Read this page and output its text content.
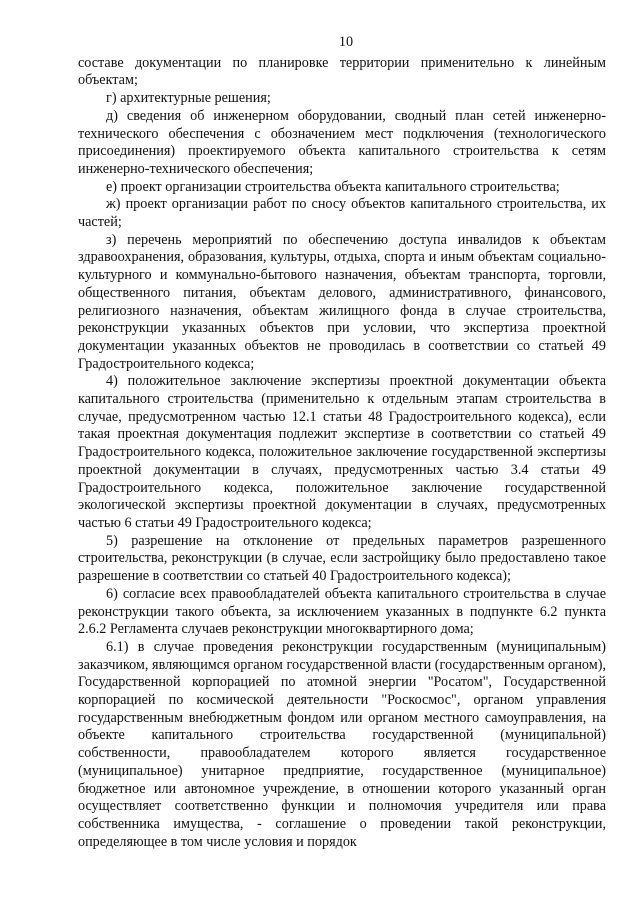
10

составе документации по планировке территории применительно к линейным объектам;

г) архитектурные решения;

д) сведения об инженерном оборудовании, сводный план сетей инженерно-технического обеспечения с обозначением мест подключения (технологического присоединения) проектируемого объекта капитального строительства к сетям инженерно-технического обеспечения;

е) проект организации строительства объекта капитального строительства;

ж) проект организации работ по сносу объектов капитального строительства, их частей;

з) перечень мероприятий по обеспечению доступа инвалидов к объектам здравоохранения, образования, культуры, отдыха, спорта и иным объектам социально-культурного и коммунально-бытового назначения, объектам транспорта, торговли, общественного питания, объектам делового, административного, финансового, религиозного назначения, объектам жилищного фонда в случае строительства, реконструкции указанных объектов при условии, что экспертиза проектной документации указанных объектов не проводилась в соответствии со статьей 49 Градостроительного кодекса;

4) положительное заключение экспертизы проектной документации объекта капитального строительства (применительно к отдельным этапам строительства в случае, предусмотренном частью 12.1 статьи 48 Градостроительного кодекса), если такая проектная документация подлежит экспертизе в соответствии со статьей 49 Градостроительного кодекса, положительное заключение государственной экспертизы проектной документации в случаях, предусмотренных частью 3.4 статьи 49 Градостроительного кодекса, положительное заключение государственной экологической экспертизы проектной документации в случаях, предусмотренных частью 6 статьи 49 Градостроительного кодекса;

5) разрешение на отклонение от предельных параметров разрешенного строительства, реконструкции (в случае, если застройщику было предоставлено такое разрешение в соответствии со статьей 40 Градостроительного кодекса);

6) согласие всех правообладателей объекта капитального строительства в случае реконструкции такого объекта, за исключением указанных в подпункте 6.2 пункта 2.6.2 Регламента случаев реконструкции многоквартирного дома;

6.1) в случае проведения реконструкции государственным (муниципальным) заказчиком, являющимся органом государственной власти (государственным органом), Государственной корпорацией по атомной энергии "Росатом", Государственной корпорацией по космической деятельности "Роскосмос", органом управления государственным внебюджетным фондом или органом местного самоуправления, на объекте капитального строительства государственной (муниципальной) собственности, правообладателем которого является государственное (муниципальное) унитарное предприятие, государственное (муниципальное) бюджетное или автономное учреждение, в отношении которого указанный орган осуществляет соответственно функции и полномочия учредителя или права собственника имущества, - соглашение о проведении такой реконструкции, определяющее в том числе условия и порядок
